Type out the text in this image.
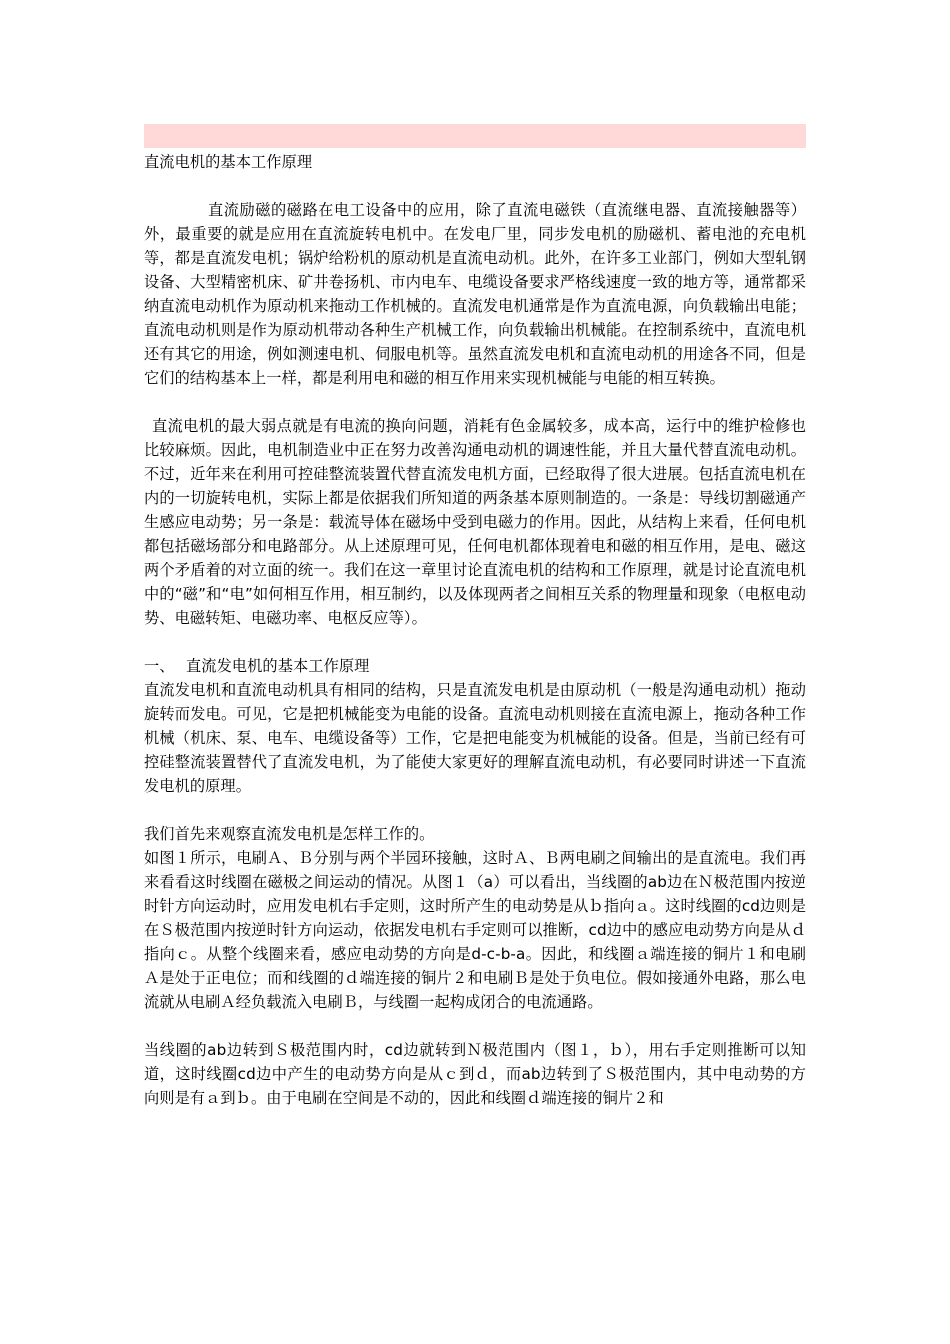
直流电机的基本工作原理

直流励磁的磁路在电工设备中的应用，除了直流电磁铁（直流继电器、直流接触器等）外，最重要的就是应用在直流旋转电机中。在发电厂里，同步发电机的励磁机、蓄电池的充电机等，都是直流发电机；锅炉给粉机的原动机是直流电动机。此外，在许多工业部门，例如大型轧钢设备、大型精密机床、矿井卷扬机、市内电车、电缆设备要求严格线速度一致的地方等，通常都采纳直流电动机作为原动机来拖动工作机械的。直流发电机通常是作为直流电源，向负载输出电能；直流电动机则是作为原动机带动各种生产机械工作，向负载输出机械能。在控制系统中，直流电机还有其它的用途，例如测速电机、伺服电机等。虽然直流发电机和直流电动机的用途各不同，但是它们的结构基本上一样，都是利用电和磁的相互作用来实现机械能与电能的相互转换。

直流电机的最大弱点就是有电流的换向问题，消耗有色金属较多，成本高，运行中的维护检修也比较麻烦。因此，电机制造业中正在努力改善沟通电动机的调速性能，并且大量代替直流电动机。不过，近年来在利用可控硅整流装置代替直流发电机方面，已经取得了很大进展。包括直流电机在内的一切旋转电机，实际上都是依据我们所知道的两条基本原则制造的。一条是：导线切割磁通产生感应电动势；另一条是：载流导体在磁场中受到电磁力的作用。因此，从结构上来看，任何电机都包括磁场部分和电路部分。从上述原理可见，任何电机都体现着电和磁的相互作用，是电、磁这两个矛盾着的对立面的统一。我们在这一章里讨论直流电机的结构和工作原理，就是讨论直流电机中的“磁”和“电”如何相互作用，相互制约，以及体现两者之间相互关系的物理量和现象（电枢电动势、电磁转矩、电磁功率、电枢反应等）。

一、 直流发电机的基本工作原理

直流发电机和直流电动机具有相同的结构，只是直流发电机是由原动机（一般是沟通电动机）拖动旋转而发电。可见，它是把机械能变为电能的设备。直流电动机则接在直流电源上，拖动各种工作机械（机床、泵、电车、电缆设备等）工作，它是把电能变为机械能的设备。但是，当前已经有可控硅整流装置替代了直流发电机，为了能使大家更好的理解直流电动机，有必要同时讲述一下直流发电机的原理。

我们首先来观察直流发电机是怎样工作的。

如图１所示，电刷Ａ、Ｂ分别与两个半园环接触，这时Ａ、Ｂ两电刷之间输出的是直流电。我们再来看看这时线圈在磁极之间运动的情况。从图１（a）可以看出，当线圈的ab边在Ｎ极范围内按逆时针方向运动时，应用发电机右手定则，这时所产生的电动势是从ｂ指向ａ。这时线圈的cd边则是在Ｓ极范围内按逆时针方向运动，依据发电机右手定则可以推断，cd边中的感应电动势方向是从ｄ指向ｃ。从整个线圈来看，感应电动势的方向是d-c-b-a。因此，和线圈ａ端连接的铜片１和电刷Ａ是处于正电位；而和线圈的ｄ端连接的铜片２和电刷Ｂ是处于负电位。假如接通外电路，那么电流就从电刷Ａ经负载流入电刷Ｂ，与线圈一起构成闭合的电流通路。

当线圈的ab边转到Ｓ极范围内时，cd边就转到Ｎ极范围内（图１，ｂ），用右手定则推断可以知道，这时线圈cd边中产生的电动势方向是从ｃ到ｄ，而ab边转到了Ｓ极范围内，其中电动势的方向则是有ａ到ｂ。由于电刷在空间是不动的，因此和线圈ｄ端连接的铜片２和
